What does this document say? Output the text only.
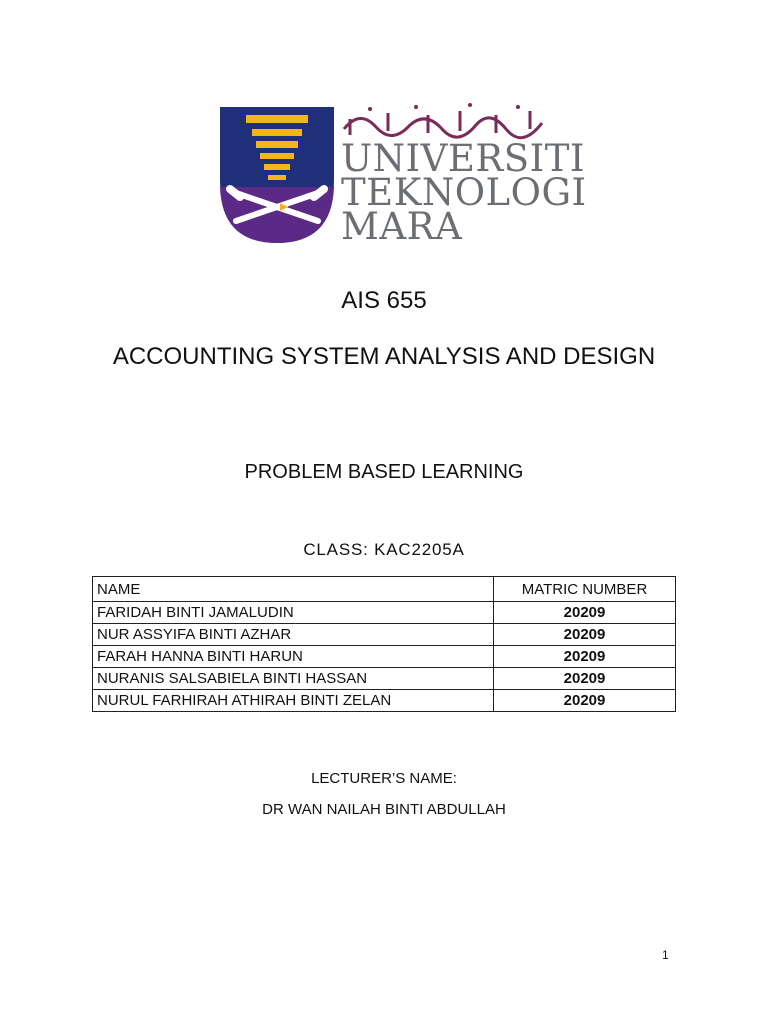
UNIVERSITI
TEKNOLOGI
MARA
AIS 655
ACCOUNTING SYSTEM ANALYSIS AND DESIGN
PROBLEM BASED LEARNING
CLASS: KAC2205A
NAME	MATRIC NUMBER
FARIDAH BINTI JAMALUDIN	20209
NUR ASSYIFA BINTI AZHAR	20209
FARAH HANNA BINTI HARUN	20209
NURANIS SALSABIELA BINTI HASSAN	20209
NURUL FARHIRAH ATHIRAH BINTI ZELAN	20209
LECTURER’S NAME:
DR WAN NAILAH BINTI ABDULLAH
1
